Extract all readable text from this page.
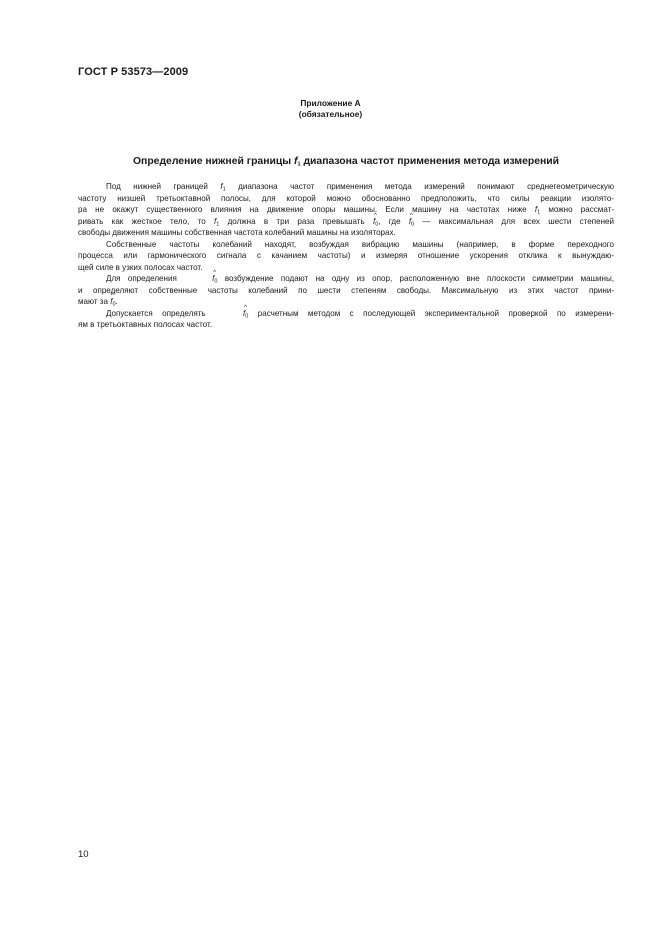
ГОСТ Р 53573—2009
Приложение А
(обязательное)
Определение нижней границы $f_1$ диапазона частот применения метода измерений
Под нижней границей $f_1$ диапазона частот применения метода измерений понимают среднегеометрическую
частоту низшей третьоктавной полосы, для которой можно обоснованно предположить, что силы реакции изолято-
ра не окажут существенного влияния на движение опоры машины. Если машину на частотах ниже $f_1$ можно рассмат-
ривать как жесткое тело, то $f_1$ должна в три раза превышать ^ $f_0$, где ^ $f_0$ — максимальная для всех шести степеней
свободы движения машины собственная частота колебаний машины на изоляторах.
Собственные частоты колебаний находят, возбуждая вибрацию машины (например, в форме переходного
процесса или гармонического сигнала с качанием частоты) и измеряя отношение ускорения отклика к вынуждаю-
щей силе в узких полосах частот.
Для определения	^ $f_0$ возбуждение подают на одну из опор, расположенную вне плоскости симметрии машины,
и определяют собственные частоты колебаний по шести степеням свободы. Максимальную из этих частот прини-
мают за ^ $f_0$.
Допускается определять	^ $f_0$ расчетным методом с последующей экспериментальной проверкой по измерени-
ям в третьоктавных полосах частот.
10
